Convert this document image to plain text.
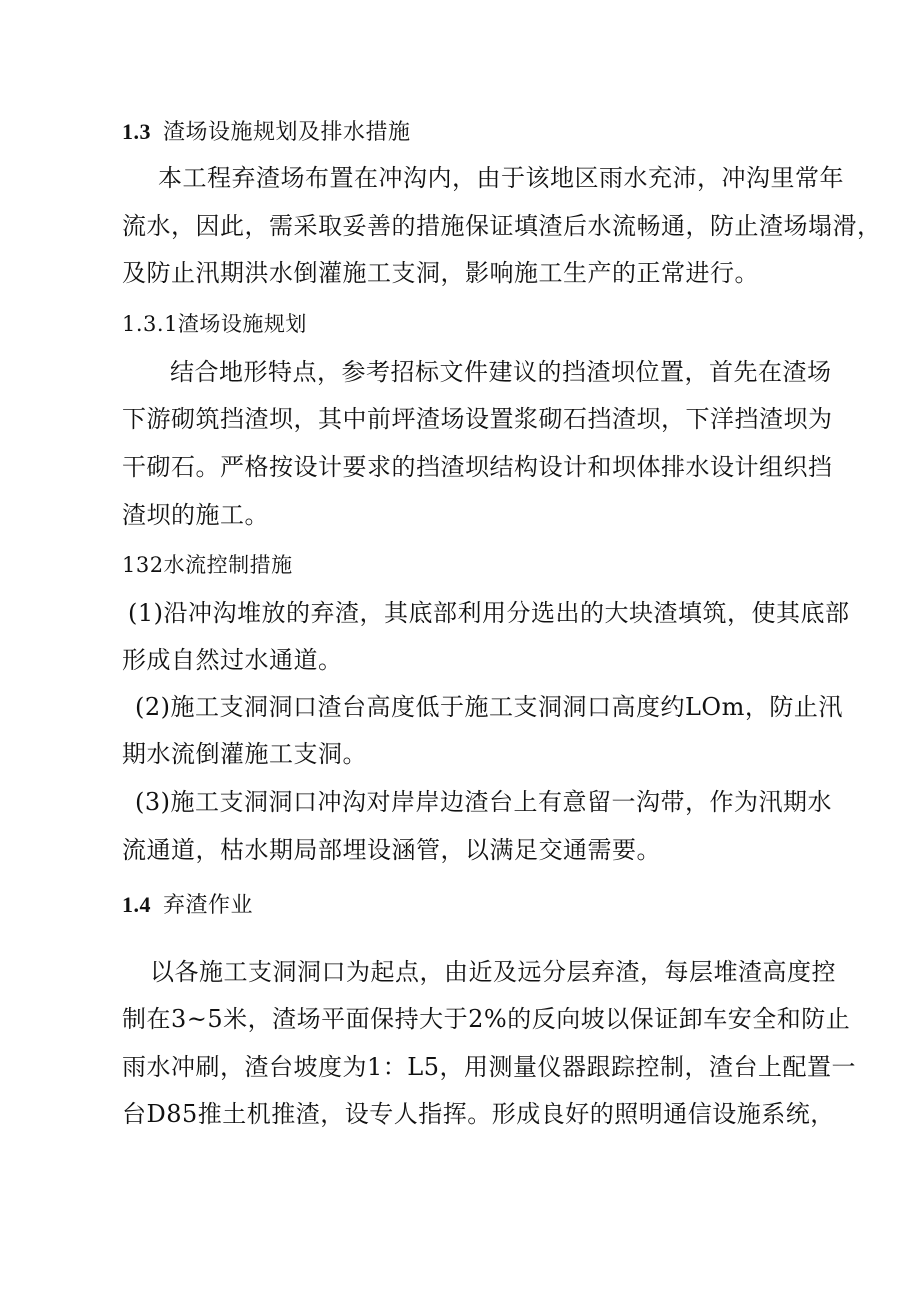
1.3 渣场设施规划及排水措施
本工程弃渣场布置在冲沟内，由于该地区雨水充沛，冲沟里常年
流水，因此，需采取妥善的措施保证填渣后水流畅通，防止渣场塌滑，
及防止汛期洪水倒灌施工支洞，影响施工生产的正常进行。
1.3.1渣场设施规划
结合地形特点，参考招标文件建议的挡渣坝位置，首先在渣场
下游砌筑挡渣坝，其中前坪渣场设置浆砌石挡渣坝，下洋挡渣坝为
干砌石。严格按设计要求的挡渣坝结构设计和坝体排水设计组织挡
渣坝的施工。
132水流控制措施
(1)沿冲沟堆放的弃渣，其底部利用分选出的大块渣填筑，使其底部
形成自然过水通道。
(2)施工支洞洞口渣台高度低于施工支洞洞口高度约LOm，防止汛
期水流倒灌施工支洞。
(3)施工支洞洞口冲沟对岸岸边渣台上有意留一沟带，作为汛期水
流通道，枯水期局部埋设涵管，以满足交通需要。
1.4 弃渣作业
以各施工支洞洞口为起点，由近及远分层弃渣，每层堆渣高度控
制在3~5米，渣场平面保持大于2%的反向坡以保证卸车安全和防止
雨水冲刷，渣台坡度为1：L5，用测量仪器跟踪控制，渣台上配置一
台D85推土机推渣，设专人指挥。形成良好的照明通信设施系统，
